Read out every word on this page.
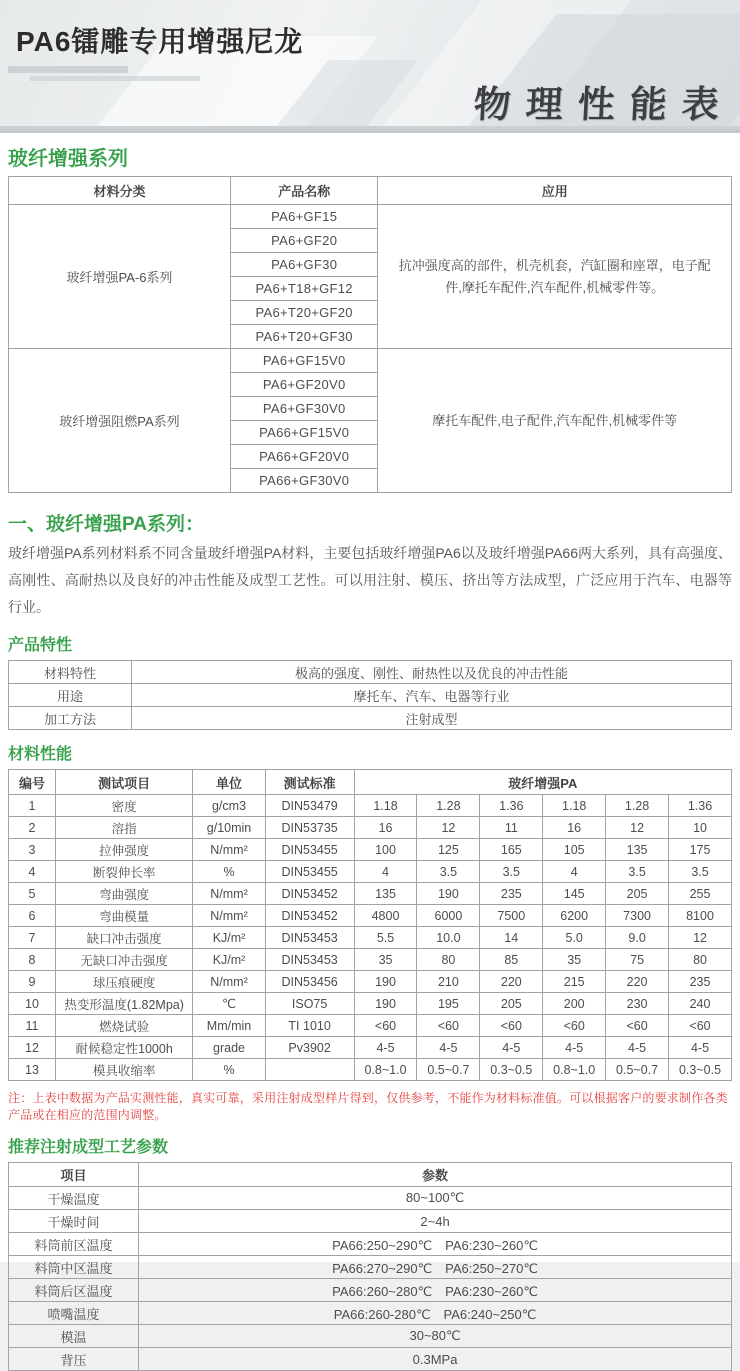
PA6镭雕专用增强尼龙
物理性能表
玻纤增强系列
材料分类	产品名称	应用
玻纤增强PA-6系列	PA6+GF15	抗冲强度高的部件，机壳机套，汽缸圈和座罩，电子配件,摩托车配件,汽车配件,机械零件等。
	PA6+GF20	
	PA6+GF30	
	PA6+T18+GF12	
	PA6+T20+GF20	
	PA6+T20+GF30	
玻纤增强阻燃PA系列	PA6+GF15V0	摩托车配件,电子配件,汽车配件,机械零件等
	PA6+GF20V0	
	PA6+GF30V0	
	PA66+GF15V0	
	PA66+GF20V0	
	PA66+GF30V0	
一、玻纤增强PA系列：

玻纤增强PA系列材料系不同含量玻纤增强PA材料，主要包括玻纤增强PA6以及玻纤增强PA66两大系列，具有高强度、高刚性、高耐热以及良好的冲击性能及成型工艺性。可以用注射、模压、挤出等方法成型，广泛应用于汽车、电器等行业。

产品特性
材料特性	极高的强度、刚性、耐热性以及优良的冲击性能
用途	摩托车、汽车、电器等行业
加工方法	注射成型
材料性能
编号	测试项目	单位	测试标准	玻纤增强PA					
1	密度	g/cm3	DIN53479	1.18	1.28	1.36	1.18	1.28	1.36
2	溶指	g/10min	DIN53735	16	12	11	16	12	10
3	拉伸强度	N/mm²	DIN53455	100	125	165	105	135	175
4	断裂伸长率	%	DIN53455	4	3.5	3.5	4	3.5	3.5
5	弯曲强度	N/mm²	DIN53452	135	190	235	145	205	255
6	弯曲模量	N/mm²	DIN53452	4800	6000	7500	6200	7300	8100
7	缺口冲击强度	KJ/m²	DIN53453	5.5	10.0	14	5.0	9.0	12
8	无缺口冲击强度	KJ/m²	DIN53453	35	80	85	35	75	80
9	球压痕硬度	N/mm²	DIN53456	190	210	220	215	220	235
10	热变形温度(1.82Mpa)	℃	ISO75	190	195	205	200	230	240
11	燃烧试验	Mm/min	TI 1010	<60	<60	<60	<60	<60	<60
12	耐候稳定性1000h	grade	Pv3902	4-5	4-5	4-5	4-5	4-5	4-5
13	模具收缩率	%		0.8~1.0	0.5~0.7	0.3~0.5	0.8~1.0	0.5~0.7	0.3~0.5

注：上表中数据为产品实测性能，真实可靠，采用注射成型样片得到，仅供参考，不能作为材料标准值。可以根据客户的要求制作各类产品或在相应的范围内调整。

推荐注射成型工艺参数
项目	参数
干燥温度	80~100℃
干燥时间	2~4h
料筒前区温度	PA66:250~290℃　PA6:230~260℃
料筒中区温度	PA66:270~290℃　PA6:250~270℃
料筒后区温度	PA66:260~280℃　PA6:230~260℃
喷嘴温度	PA66:260-280℃　PA6:240~250℃
模温	30~80℃
背压	0.3MPa
